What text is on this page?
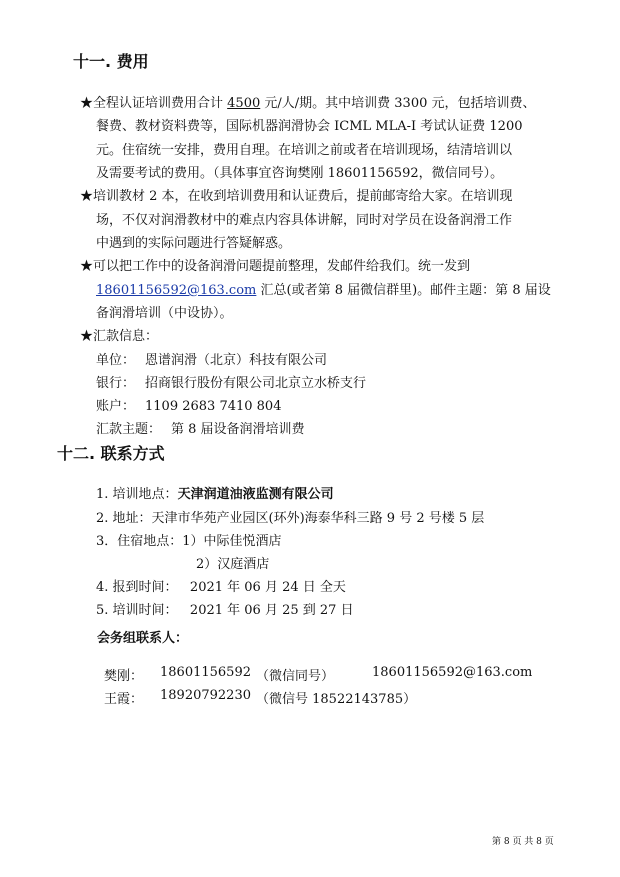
十一. 费用
★全程认证培训费用合计 4500 元/人/期。其中培训费 3300 元，包括培训费、
餐费、教材资料费等，国际机器润滑协会 ICML MLA-I 考试认证费 1200
元。住宿统一安排，费用自理。在培训之前或者在培训现场，结清培训以
及需要考试的费用。（具体事宜咨询樊刚 18601156592，微信同号）。
★培训教材 2 本，在收到培训费用和认证费后，提前邮寄给大家。在培训现
场，不仅对润滑教材中的难点内容具体讲解，同时对学员在设备润滑工作
中遇到的实际问题进行答疑解惑。
★可以把工作中的设备润滑问题提前整理，发邮件给我们。统一发到
18601156592@163.com 汇总(或者第 8 届微信群里)。邮件主题：第 8 届设
备润滑培训（中设协）。
★汇款信息：
单位： 恩谱润滑（北京）科技有限公司
银行： 招商银行股份有限公司北京立水桥支行
账户： 1109 2683 7410 804
汇款主题： 第 8 届设备润滑培训费
十二. 联系方式
1. 培训地点：天津润道油液监测有限公司
2. 地址：天津市华苑产业园区(环外)海泰华科三路 9 号 2 号楼 5 层
3．住宿地点：1）中际佳悦酒店
2）汉庭酒店
4. 报到时间：   2021 年 06 月 24 日 全天
5. 培训时间：   2021 年 06 月 25 到 27 日
会务组联系人：
樊刚： 18601156592 （微信同号）	18601156592@163.com
王霞： 18920792230 （微信号 18522143785）
第 8 页 共 8 页
